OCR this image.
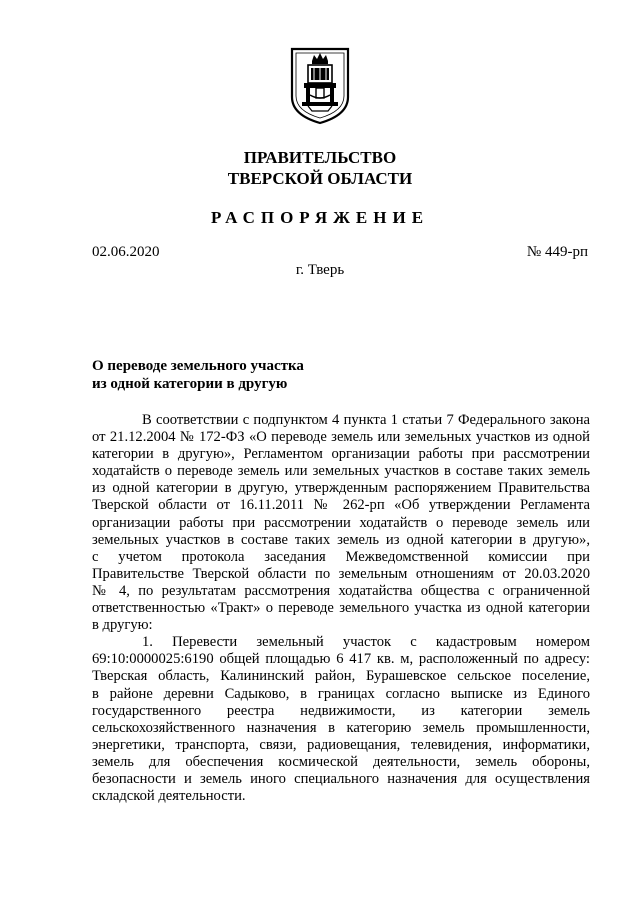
ПРАВИТЕЛЬСТВО
ТВЕРСКОЙ ОБЛАСТИ
РАСПОРЯЖЕНИЕ
02.06.2020	№ 449-рп
г. Тверь
О переводе земельного участка
из одной категории в другую
В соответствии с подпунктом 4 пункта 1 статьи 7 Федерального закона
от 21.12.2004 № 172-ФЗ «О переводе земель или земельных участков из одной
категории в другую», Регламентом организации работы при рассмотрении
ходатайств о переводе земель или земельных участков в составе таких земель
из одной категории в другую, утвержденным распоряжением Правительства
Тверской области от 16.11.2011 № 262-рп «Об утверждении Регламента
организации работы при рассмотрении ходатайств о переводе земель или
земельных участков в составе таких земель из одной категории в другую»,
с учетом протокола заседания Межведомственной комиссии при
Правительстве Тверской области по земельным отношениям от 20.03.2020
№ 4, по результатам рассмотрения ходатайства общества с ограниченной
ответственностью «Тракт» о переводе земельного участка из одной категории
в другую:
1. Перевести земельный участок с кадастровым номером
69:10:0000025:6190 общей площадью 6 417 кв. м, расположенный по адресу:
Тверская область, Калининский район, Бурашевское сельское поселение,
в районе деревни Садыково, в границах согласно выписке из Единого
государственного реестра недвижимости, из категории земель
сельскохозяйственного назначения в категорию земель промышленности,
энергетики, транспорта, связи, радиовещания, телевидения, информатики,
земель для обеспечения космической деятельности, земель обороны,
безопасности и земель иного специального назначения для осуществления
складской деятельности.
